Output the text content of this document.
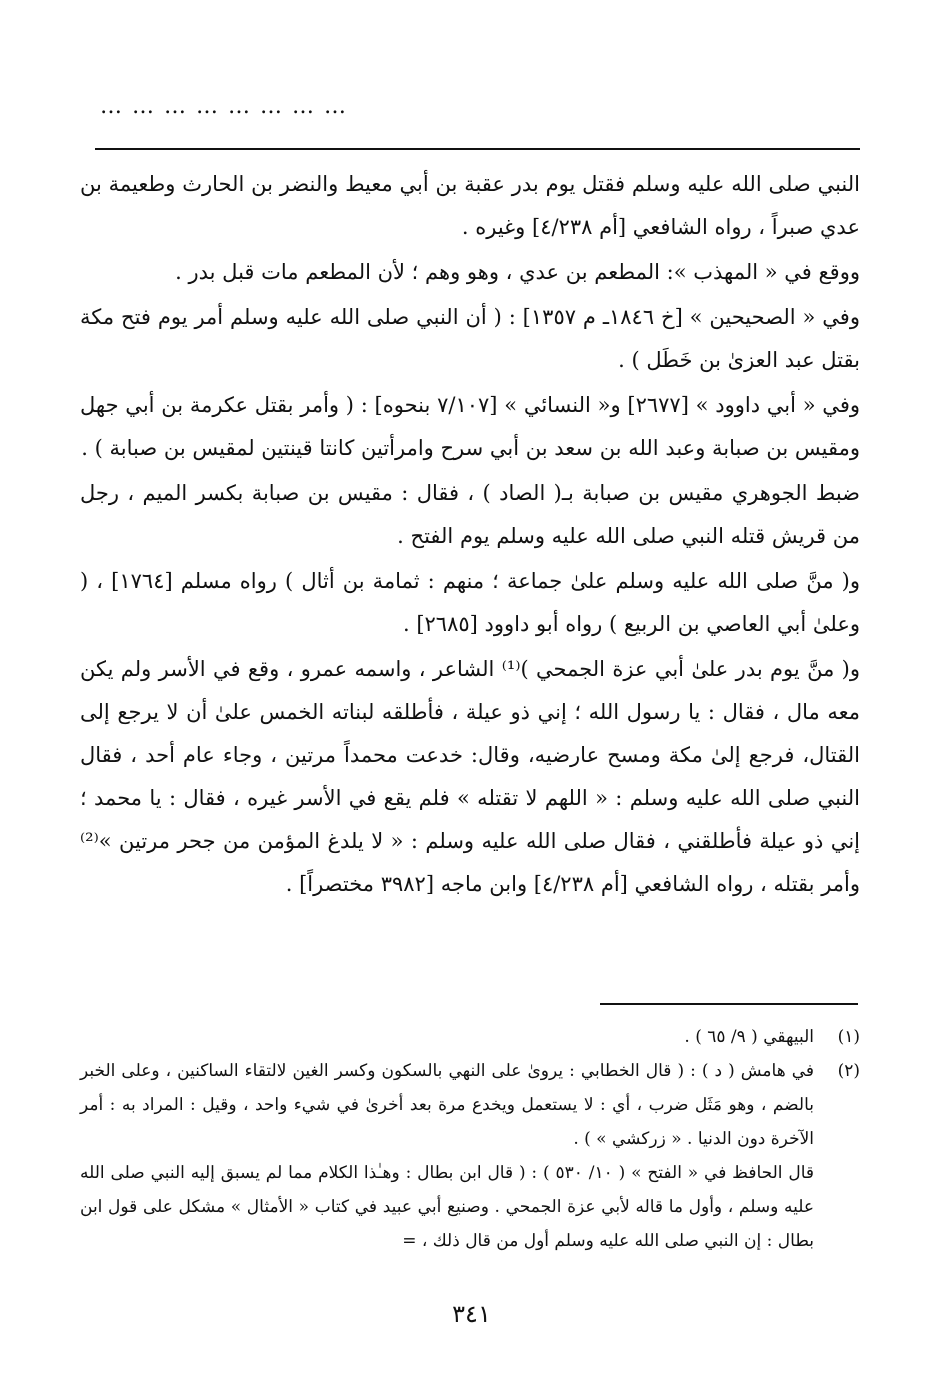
……………………

النبي صلى الله عليه وسلم فقتل يوم بدر عقبة بن أبي معيط والنضر بن الحارث وطعيمة بن عدي صبراً ، رواه الشافعي [أم ٤/٢٣٨] وغيره .

ووقع في « المهذب »: المطعم بن عدي ، وهو وهم ؛ لأن المطعم مات قبل بدر .

وفي « الصحيحين » [خ ١٨٤٦ـ م ١٣٥٧] : ( أن النبي صلى الله عليه وسلم أمر يوم فتح مكة بقتل عبد العزىٰ بن خَطَل ) .

وفي « أبي داوود » [٢٦٧٧] و« النسائي » [٧/١٠٧ بنحوه] : ( وأمر بقتل عكرمة بن أبي جهل ومقيس بن صبابة وعبد الله بن سعد بن أبي سرح وامرأتين كانتا قينتين لمقيس بن صبابة ) .

ضبط الجوهري مقيس بن صبابة بـ( الصاد ) ، فقال : مقيس بن صبابة بكسر الميم ، رجل من قريش قتله النبي صلى الله عليه وسلم يوم الفتح .

و( منَّ صلى الله عليه وسلم علىٰ جماعة ؛ منهم : ثمامة بن أثال ) رواه مسلم [١٧٦٤] ، ( وعلىٰ أبي العاصي بن الربيع ) رواه أبو داوود [٢٦٨٥] .

و( منَّ يوم بدر علىٰ أبي عزة الجمحي )⁽¹⁾ الشاعر ، واسمه عمرو ، وقع في الأسر ولم يكن معه مال ، فقال : يا رسول الله ؛ إني ذو عيلة ، فأطلقه لبناته الخمس علىٰ أن لا يرجع إلى القتال، فرجع إلىٰ مكة ومسح عارضيه، وقال: خدعت محمداً مرتين ، وجاء عام أحد ، فقال النبي صلى الله عليه وسلم : « اللهم لا تقتله » فلم يقع في الأسر غيره ، فقال : يا محمد ؛ إني ذو عيلة فأطلقني ، فقال صلى الله عليه وسلم : « لا يلدغ المؤمن من جحر مرتين »⁽²⁾ وأمر بقتله ، رواه الشافعي [أم ٤/٢٣٨] وابن ماجه [٣٩٨٢ مختصراً] .

(١)
البيهقي ( ٩/ ٦٥ ) .
(٢)
في هامش ( د ) : ( قال الخطابي : يروىٰ على النهي بالسكون وكسر الغين لالتقاء الساكنين ، وعلى الخبر بالضم ، وهو مَثَل ضرب ، أي : لا يستعمل ويخدع مرة بعد أخرىٰ في شيء واحد ، وقيل : المراد به : أمر الآخرة دون الدنيا . « زركشي » ) .
قال الحافظ في « الفتح » ( ١٠/ ٥٣٠ ) : ( قال ابن بطال : وهـٰذا الكلام مما لم يسبق إليه النبي صلى الله عليه وسلم ، وأول ما قاله لأبي عزة الجمحي . وصنيع أبي عبيد في كتاب « الأمثال » مشكل على قول ابن بطال : إن النبي صلى الله عليه وسلم أول من قال ذلك ، =
٣٤١
